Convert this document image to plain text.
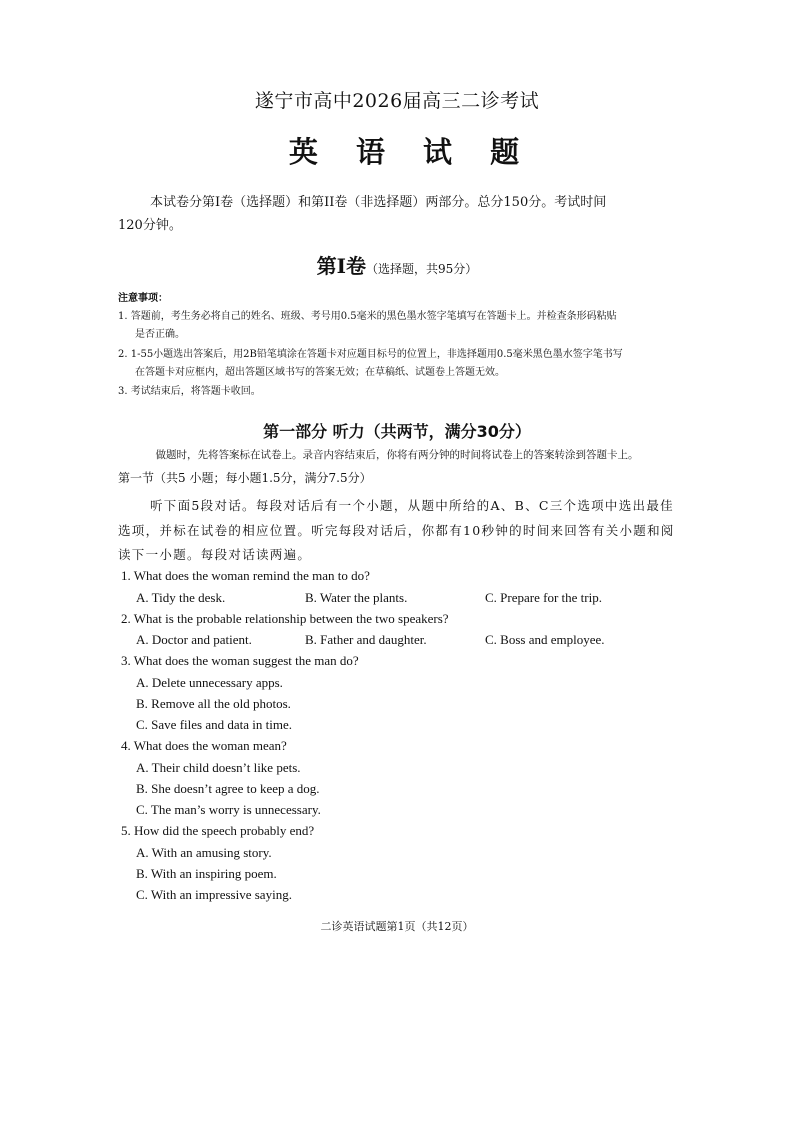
遂宁市高中2026届高三二诊考试
英 语 试 题
本试卷分第Ⅰ卷（选择题）和第II卷（非选择题）两部分。总分150分。考试时间
120分钟。
第Ⅰ卷（选择题，共95分）
注意事项：
1. 答题前，考生务必将自己的姓名、班级、考号用0.5毫米的黑色墨水签字笔填写在答题卡上。并检查条形码粘贴
是否正确。
2. 1-55小题选出答案后，用2B铅笔填涂在答题卡对应题目标号的位置上，非选择题用0.5毫米黑色墨水签字笔书写
在答题卡对应框内，超出答题区域书写的答案无效；在草稿纸、试题卷上答题无效。
3. 考试结束后，将答题卡收回。
第一部分 听力（共两节，满分30分）
做题时，先将答案标在试卷上。录音内容结束后，你将有两分钟的时间将试卷上的答案转涂到答题卡上。
第一节（共5 小题；每小题1.5分，满分7.5分）
听下面5段对话。每段对话后有一个小题，从题中所给的A、B、C三个选项中选出最佳
选项，并标在试卷的相应位置。听完每段对话后，你都有10秒钟的时间来回答有关小题和阅
读下一小题。每段对话读两遍。
1. What does the woman remind the man to do?
A. Tidy the desk.	B. Water the plants.	C. Prepare for the trip.
2. What is the probable relationship between the two speakers?
A. Doctor and patient.	B. Father and daughter.	C. Boss and employee.
3. What does the woman suggest the man do?
A. Delete unnecessary apps.
B. Remove all the old photos.
C. Save files and data in time.
4. What does the woman mean?
A. Their child doesn’t like pets.
B. She doesn’t agree to keep a dog.
C. The man’s worry is unnecessary.
5. How did the speech probably end?
A. With an amusing story.
B. With an inspiring poem.
C. With an impressive saying.
二诊英语试题第1页（共12页）
